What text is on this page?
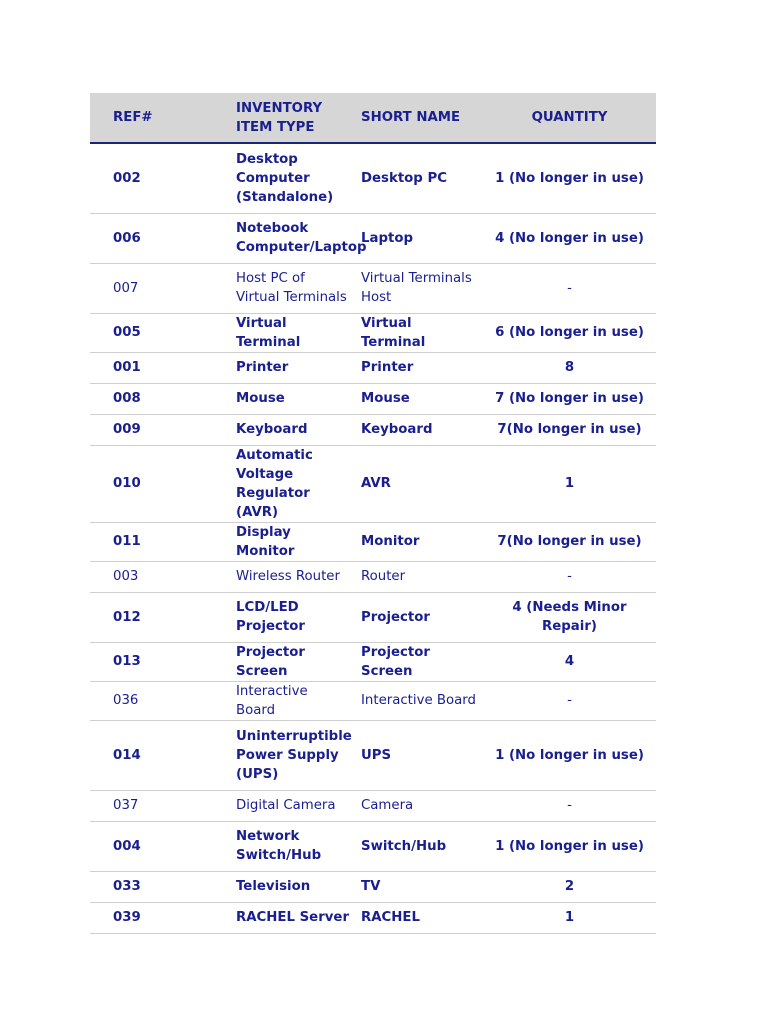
REF#	INVENTORY ITEM TYPE	SHORT NAME	QUANTITY
002	Desktop Computer (Standalone)	Desktop PC	1 (No longer in use)
006	Notebook Computer/Laptop	Laptop	4 (No longer in use)
007	Host PC of Virtual Terminals	Virtual Terminals Host	-
005	Virtual Terminal	Virtual Terminal	6 (No longer in use)
001	Printer	Printer	8
008	Mouse	Mouse	7 (No longer in use)
009	Keyboard	Keyboard	7(No longer in use)
010	Automatic Voltage Regulator (AVR)	AVR	1
011	Display Monitor	Monitor	7(No longer in use)
003	Wireless Router	Router	-
012	LCD/LED Projector	Projector	4 (Needs Minor Repair)
013	Projector Screen	Projector Screen	4
036	Interactive Board	Interactive Board	-
014	Uninterruptible Power Supply (UPS)	UPS	1 (No longer in use)
037	Digital Camera	Camera	-
004	Network Switch/Hub	Switch/Hub	1 (No longer in use)
033	Television	TV	2
039	RACHEL Server	RACHEL	1
